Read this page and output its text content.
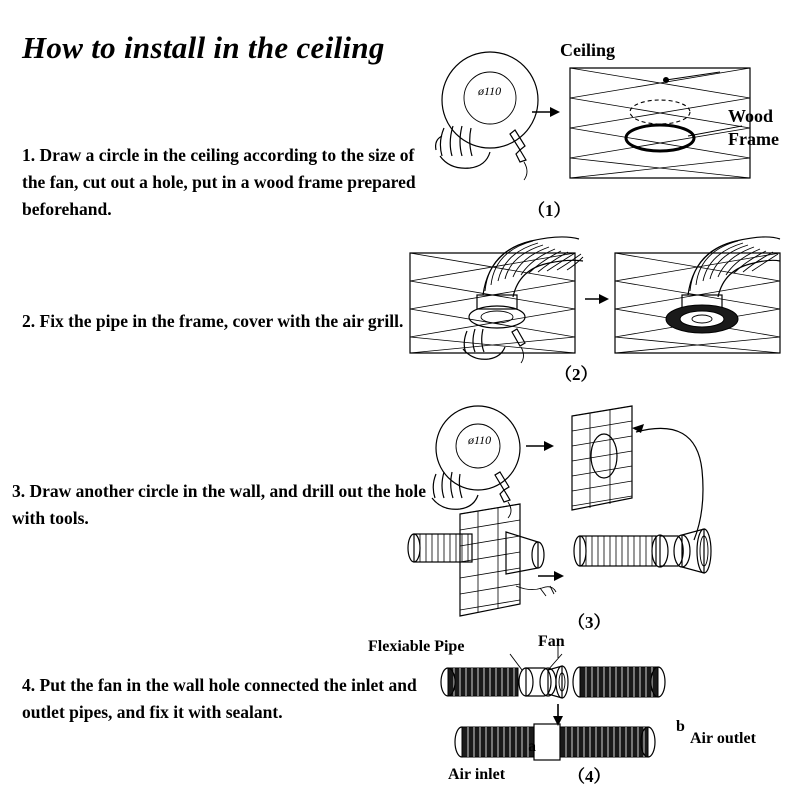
How to install in the ceiling
1. Draw a circle in the ceiling according to the size of the fan, cut out a hole, put in a wood frame prepared beforehand.
2. Fix the pipe in the frame, cover with the air grill.
3. Draw another circle in the wall, and drill out the hole with tools.
4. Put the fan in the wall hole connected the inlet and outlet pipes, and fix it with sealant.
ø110
Ceiling
Wood
Frame
（1）
（2）
ø110
（3）
Flexiable Pipe	Fan
a
b
Air outlet
Air inlet	（4）
